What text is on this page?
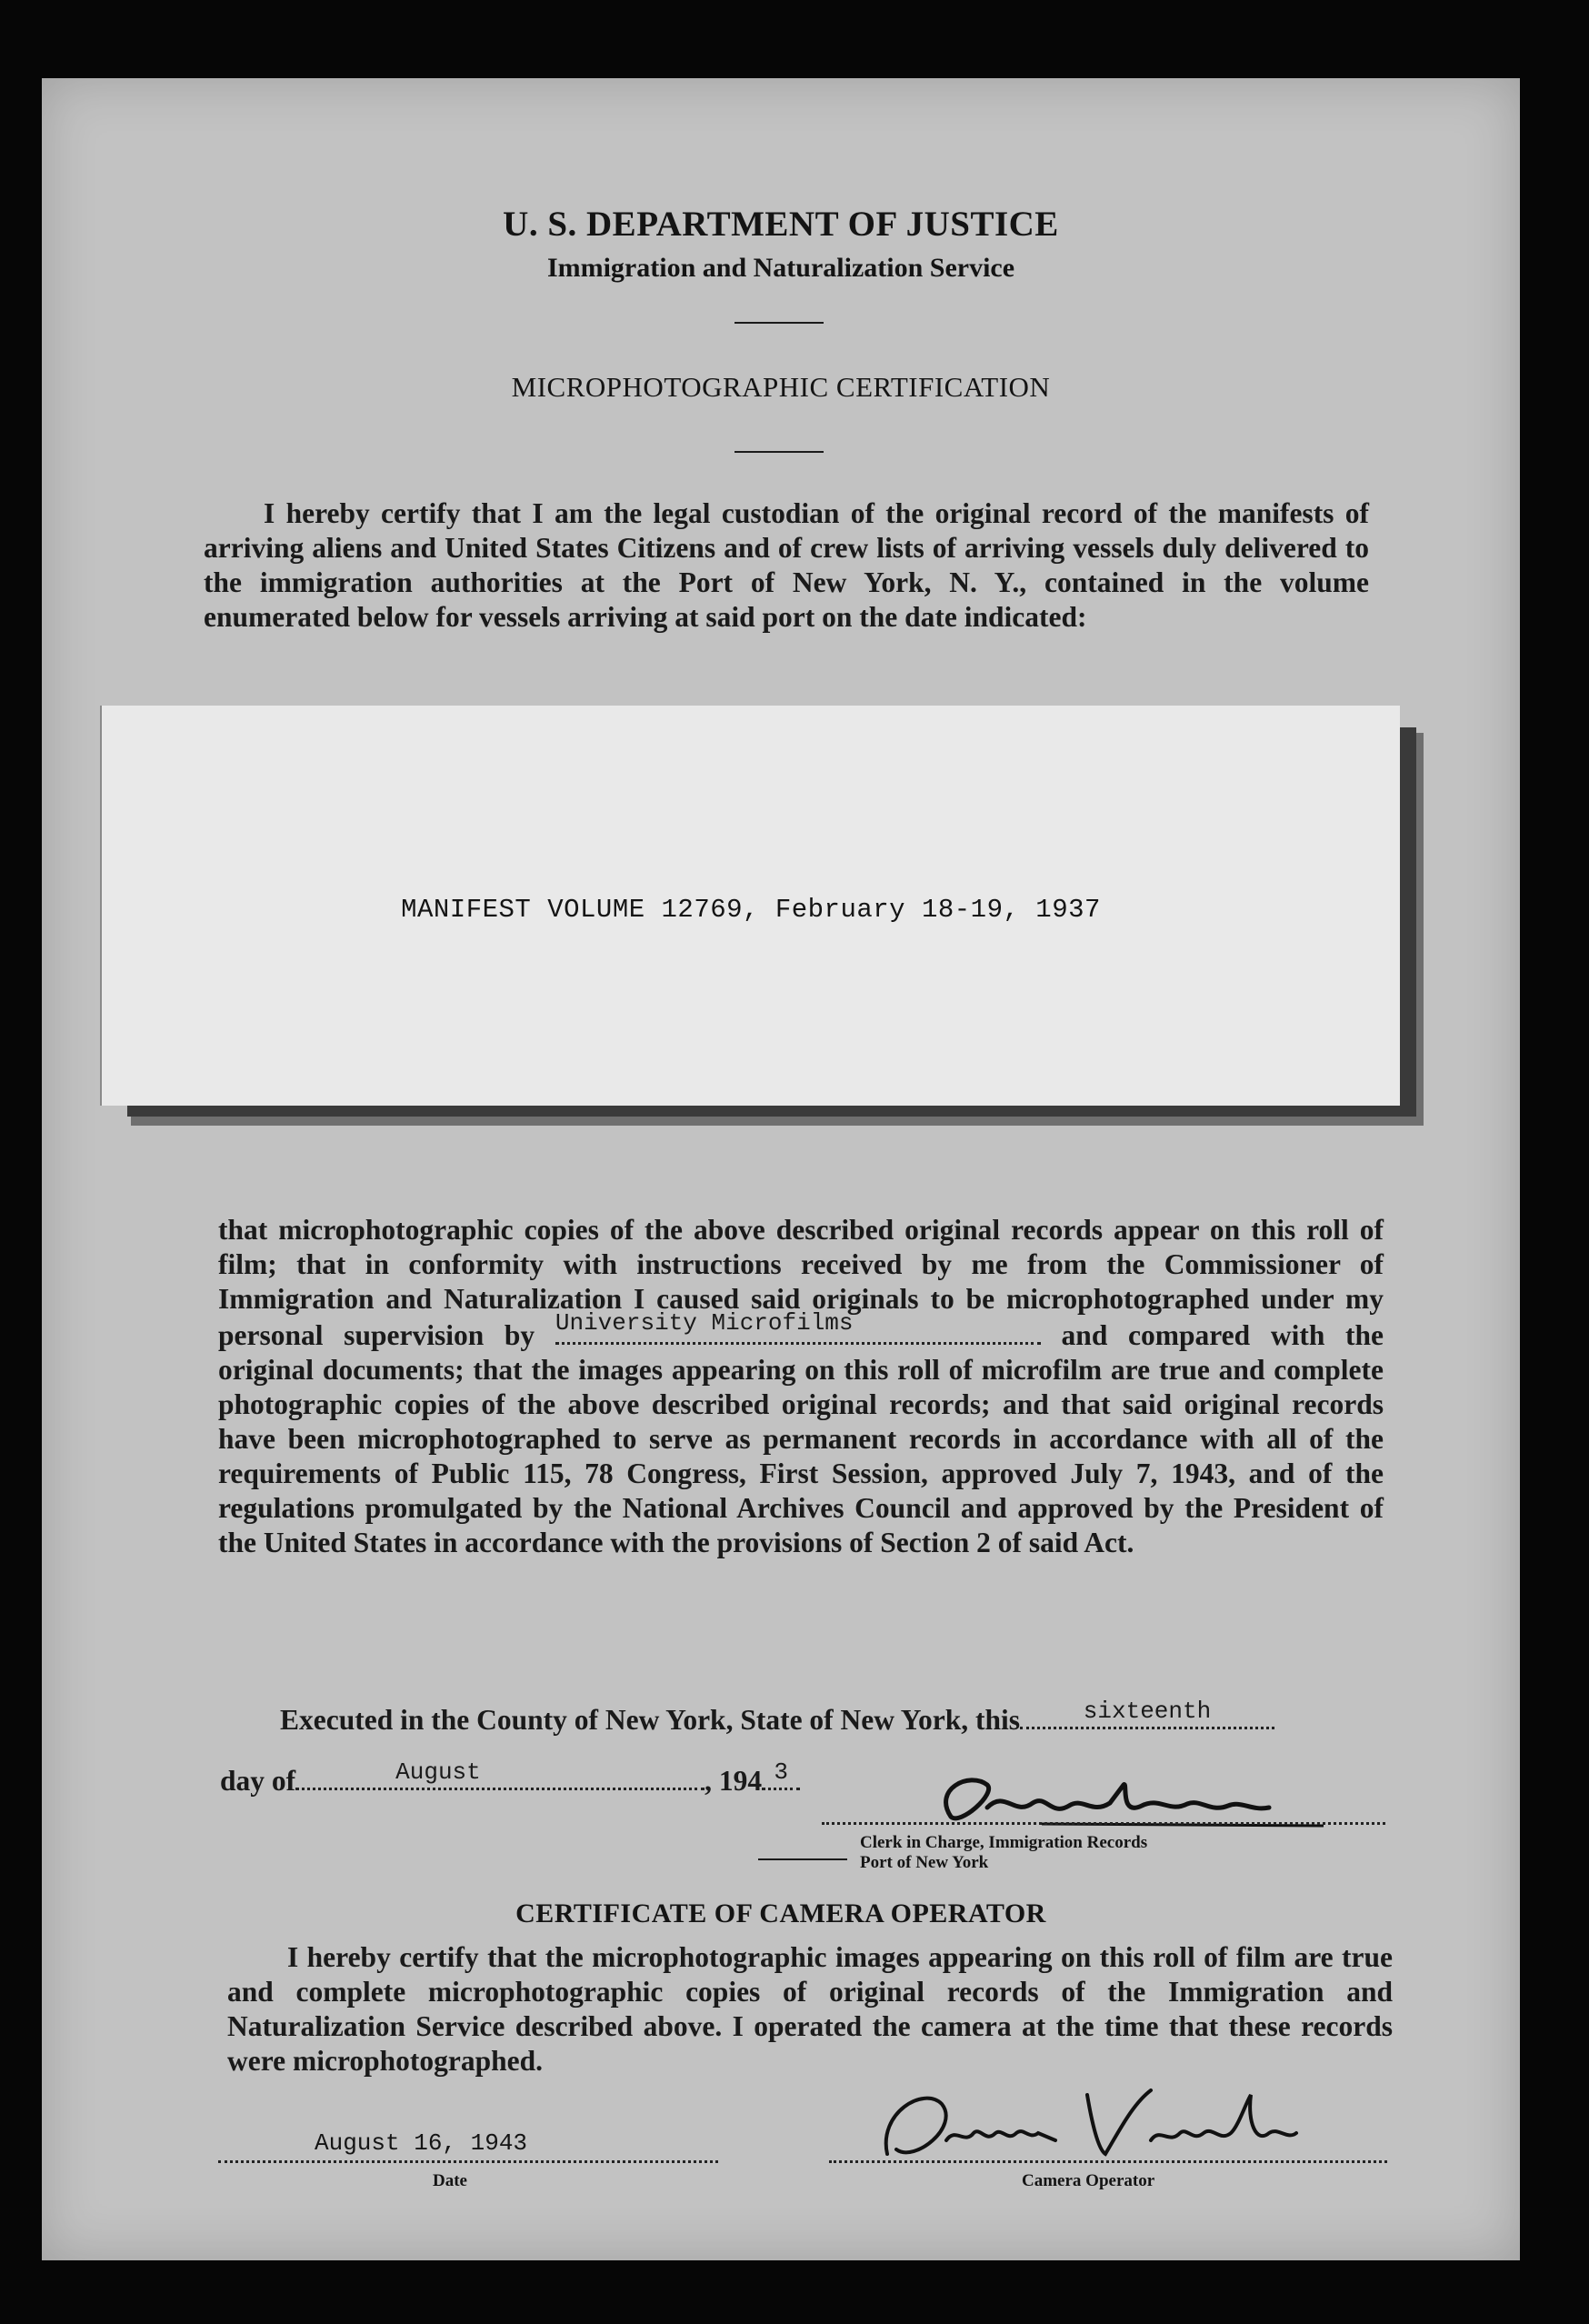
U. S. DEPARTMENT OF JUSTICE
Immigration and Naturalization Service
MICROPHOTOGRAPHIC CERTIFICATION
I hereby certify that I am the legal custodian of the original record of the manifests of arriving aliens and United States Citizens and of crew lists of arriving vessels duly delivered to the immigration authorities at the Port of New York, N. Y., contained in the volume enumerated below for vessels arriving at said port on the date indicated:
MANIFEST VOLUME 12769, February 18-19, 1937
that microphotographic copies of the above described original records appear on this roll of film; that in conformity with instructions received by me from the Commissioner of Immigration and Naturalization I caused said originals to be microphotographed under my personal supervision by University Microfilms	and compared with the original documents; that the images appearing on this roll of microfilm are true and complete photographic copies of the above described original records; and that said original records have been microphotographed to serve as permanent records in accordance with all of the requirements of Public 115, 78 Congress, First Session, approved July 7, 1943, and of the regulations promulgated by the National Archives Council and approved by the President of the United States in accordance with the provisions of Section 2 of said Act.
Executed in the County of New York, State of New York, this	sixteenth
day of	August	, 194 3
Clerk in Charge, Immigration Records
Port of New York
CERTIFICATE OF CAMERA OPERATOR
I hereby certify that the microphotographic images appearing on this roll of film are true and complete microphotographic copies of original records of the Immigration and Naturalization Service described above. I operated the camera at the time that these records were microphotographed.
August 16, 1943
Date	Camera Operator
